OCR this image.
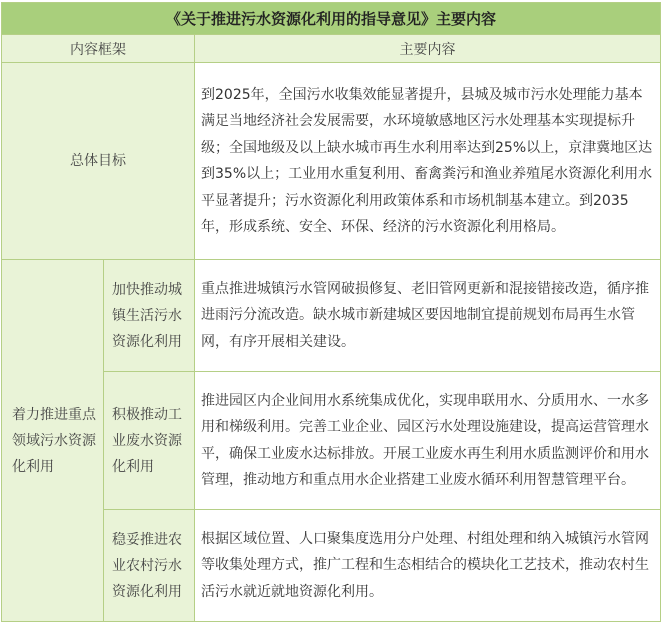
《关于推进污水资源化利用的指导意见》主要内容		
内容框架		主要内容
总体目标		到2025年，全国污水收集效能显著提升，县城及城市污水处理能力基本满足当地经济社会发展需要，水环境敏感地区污水处理基本实现提标升级；全国地级及以上缺水城市再生水利用率达到25%以上，京津冀地区达到35%以上；工业用水重复利用、畜禽粪污和渔业养殖尾水资源化利用水平显著提升；污水资源化利用政策体系和市场机制基本建立。到2035年，形成系统、安全、环保、经济的污水资源化利用格局。
着力推进重点领域污水资源化利用	加快推动城镇生活污水资源化利用	重点推进城镇污水管网破损修复、老旧管网更新和混接错接改造，循序推进雨污分流改造。缺水城市新建城区要因地制宜提前规划布局再生水管网，有序开展相关建设。
	积极推动工业废水资源化利用	推进园区内企业间用水系统集成优化，实现串联用水、分质用水、一水多用和梯级利用。完善工业企业、园区污水处理设施建设，提高运营管理水平，确保工业废水达标排放。开展工业废水再生利用水质监测评价和用水管理，推动地方和重点用水企业搭建工业废水循环利用智慧管理平台。
	稳妥推进农业农村污水资源化利用	根据区域位置、人口聚集度选用分户处理、村组处理和纳入城镇污水管网等收集处理方式，推广工程和生态相结合的模块化工艺技术，推动农村生活污水就近就地资源化利用。
